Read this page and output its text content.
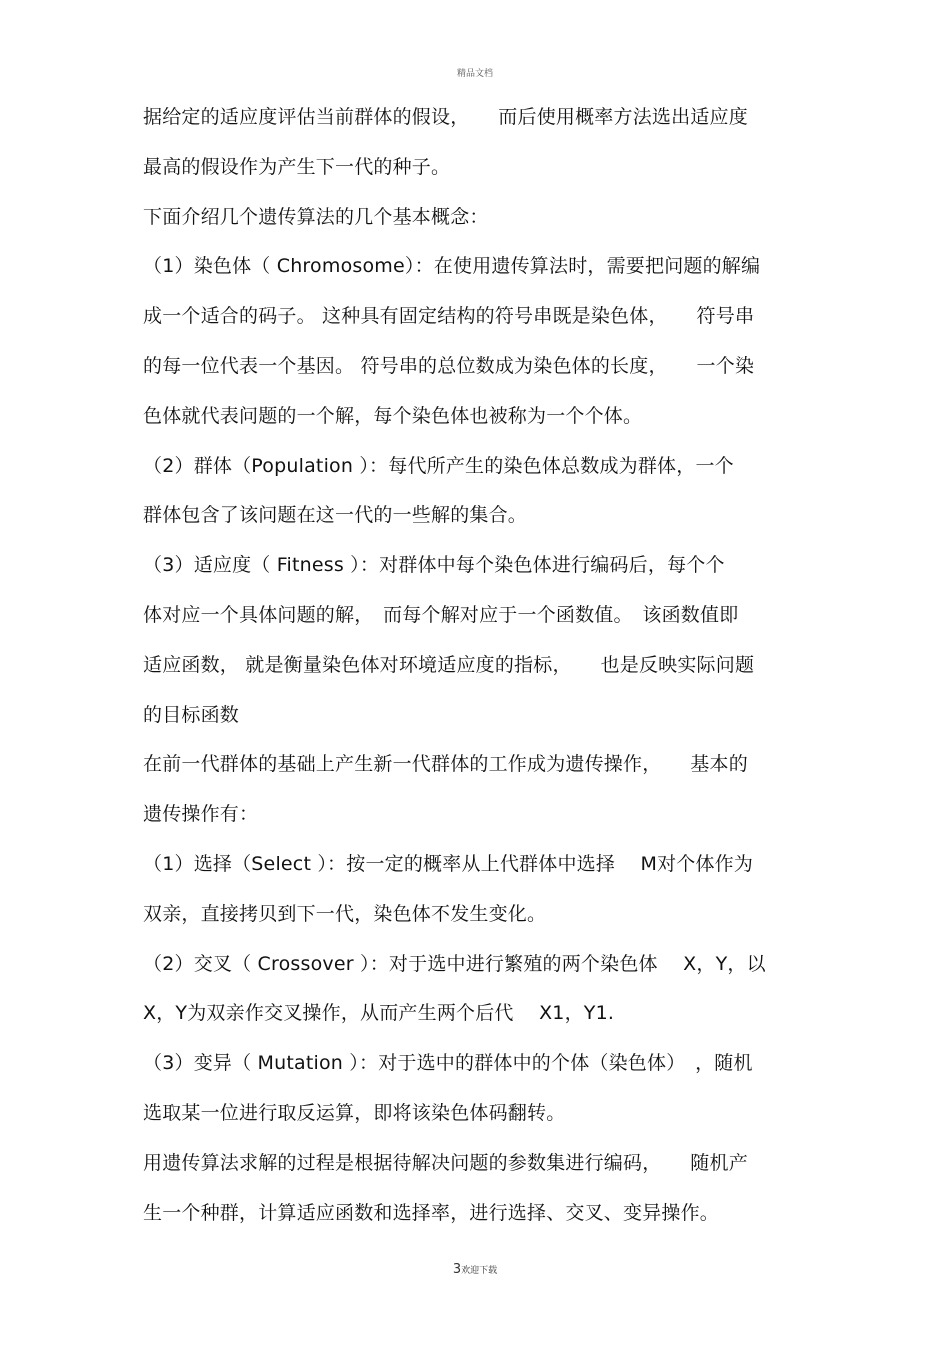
精品文档
据给定的适应度评估当前群体的假设，　　而后使用概率方法选出适应度
最高的假设作为产生下一代的种子。
下面介绍几个遗传算法的几个基本概念：
（1）染色体（ Chromosome）：在使用遗传算法时，需要把问题的解编
成一个适合的码子。 这种具有固定结构的符号串既是染色体，　　符号串
的每一位代表一个基因。 符号串的总位数成为染色体的长度，　　一个染
色体就代表问题的一个解，每个染色体也被称为一个个体。
（2）群体（Population ）：每代所产生的染色体总数成为群体，一个
群体包含了该问题在这一代的一些解的集合。
（3）适应度（ Fitness ）：对群体中每个染色体进行编码后，每个个
体对应一个具体问题的解，　而每个解对应于一个函数值。　该函数值即
适应函数， 就是衡量染色体对环境适应度的指标，　　也是反映实际问题
的目标函数
在前一代群体的基础上产生新一代群体的工作成为遗传操作，　　基本的
遗传操作有：
（1）选择（Select ）：按一定的概率从上代群体中选择　 M对个体作为
双亲，直接拷贝到下一代，染色体不发生变化。
（2）交叉（ Crossover ）：对于选中进行繁殖的两个染色体　 X，Y，以
X，Y为双亲作交叉操作，从而产生两个后代　 X1，Y1.
（3）变异（ Mutation ）：对于选中的群体中的个体（染色体）　，随机
选取某一位进行取反运算，即将该染色体码翻转。
用遗传算法求解的过程是根据待解决问题的参数集进行编码，　　随机产
生一个种群，计算适应函数和选择率，进行选择、交叉、变异操作。
3欢迎下载
